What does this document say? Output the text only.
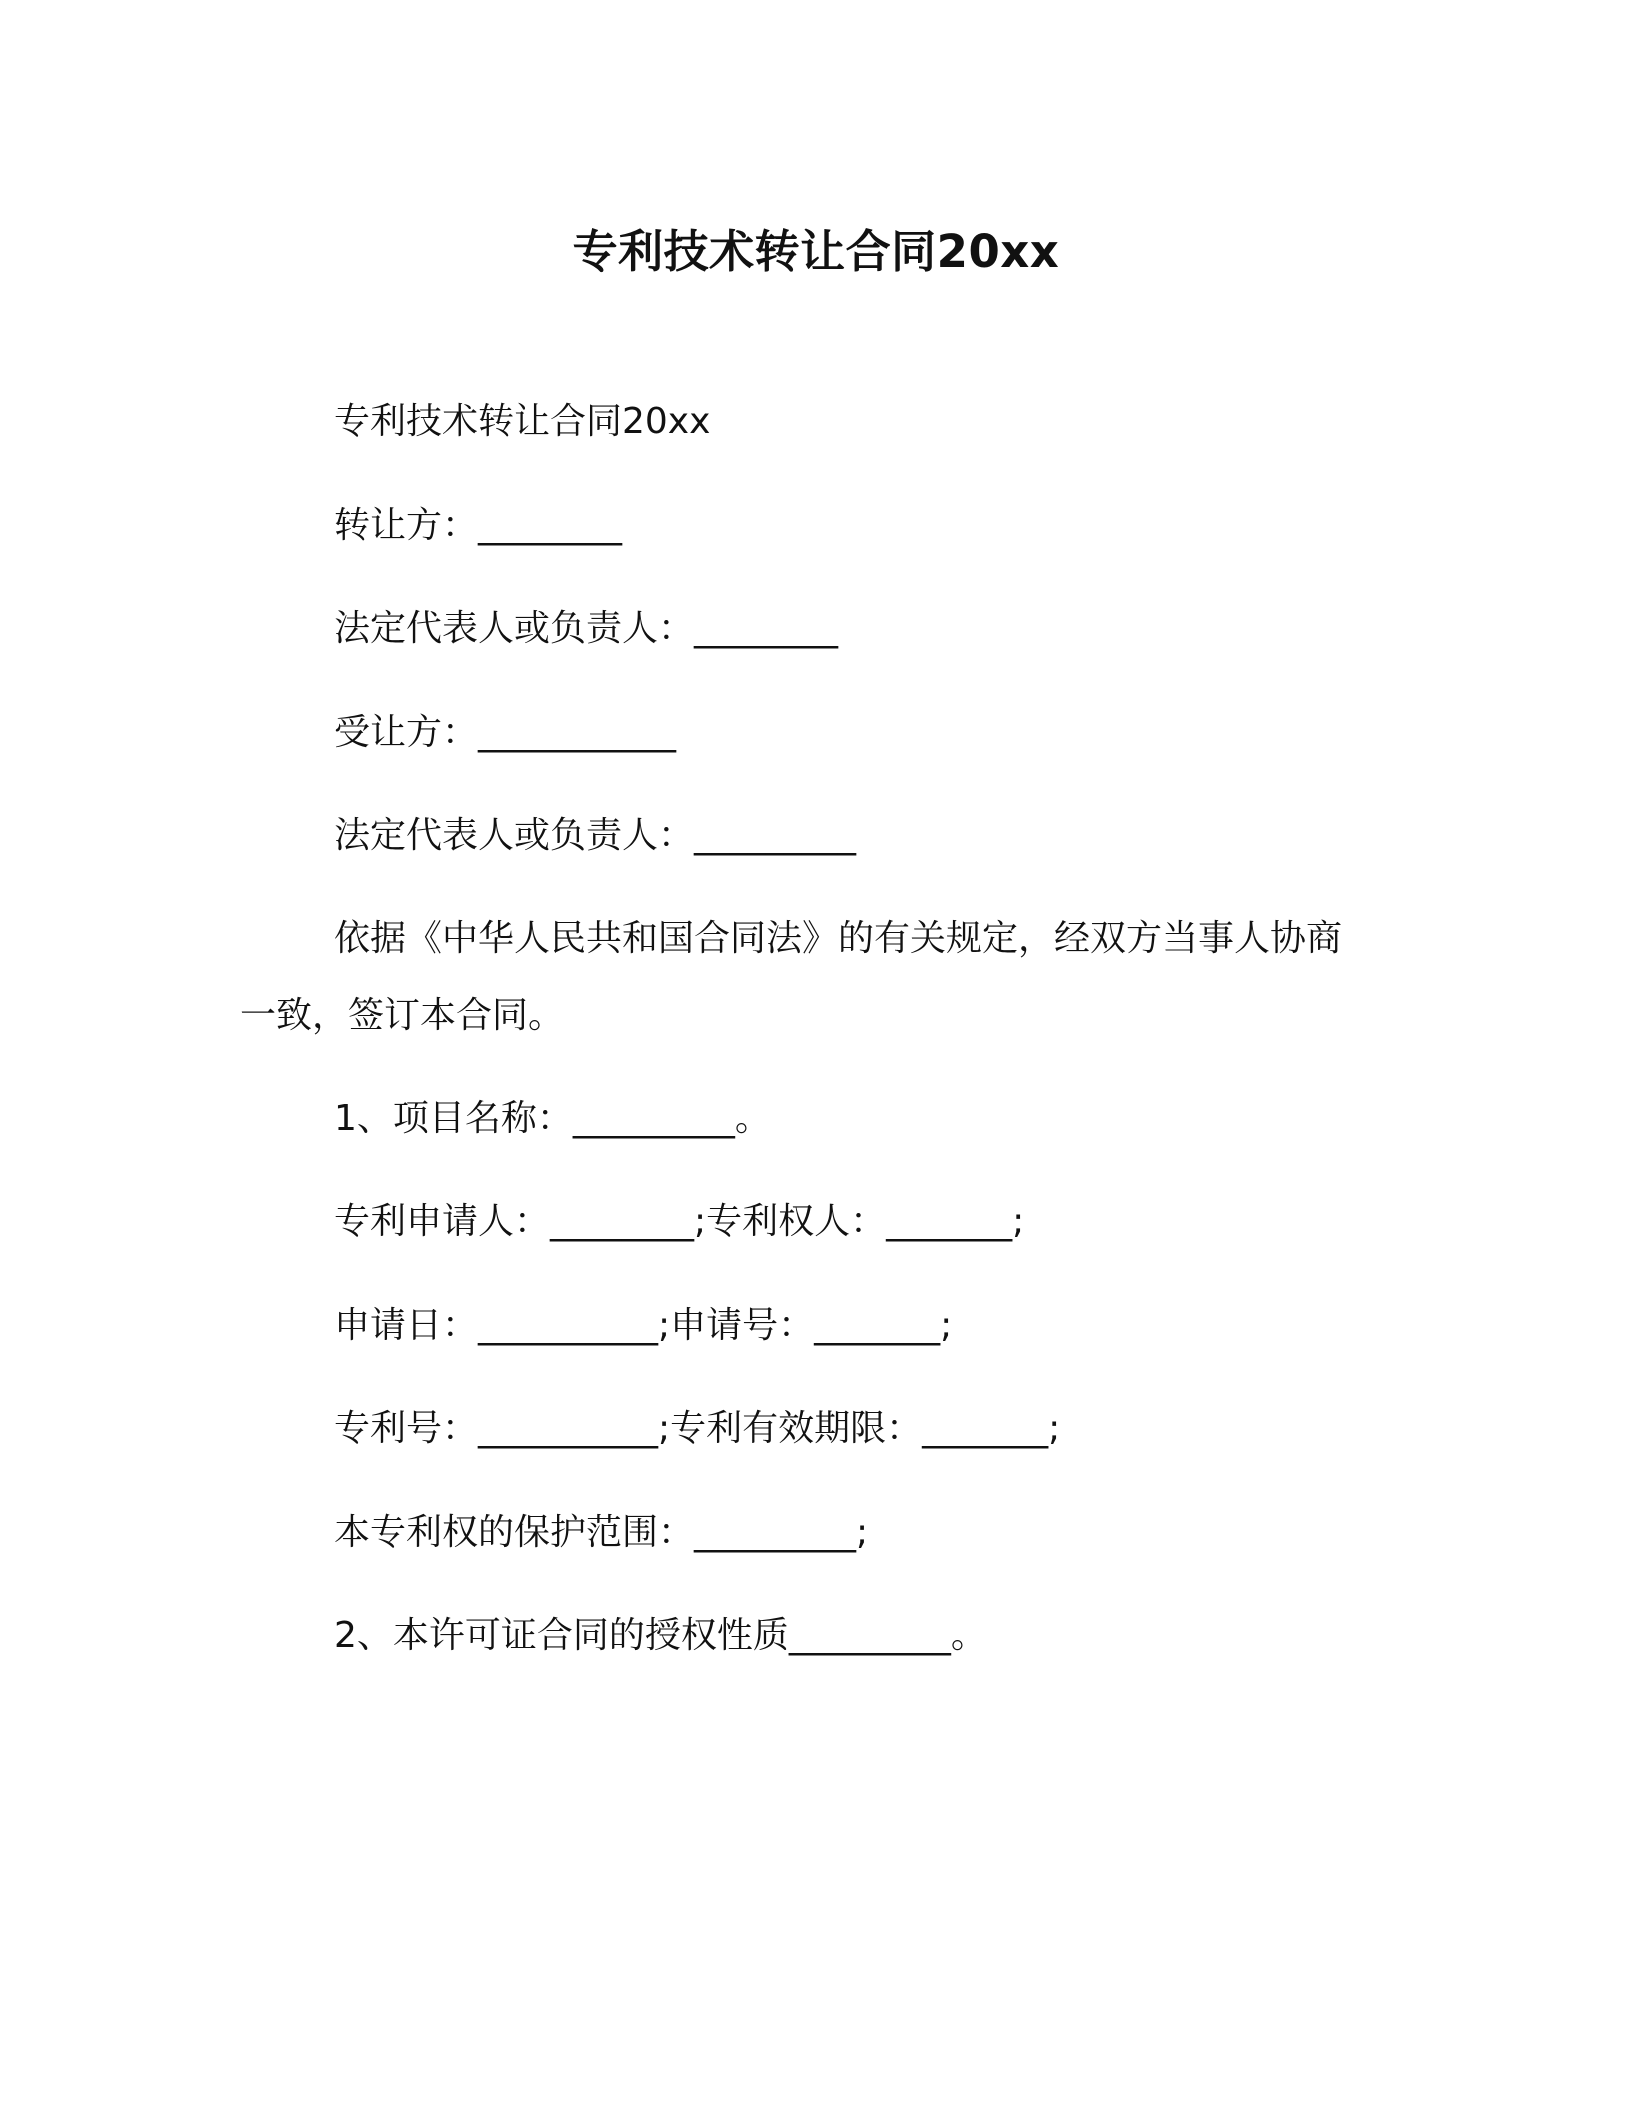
专利技术转让合同20xx
专利技术转让合同20xx
转让方：________
法定代表人或负责人：________
受让方：___________
法定代表人或负责人：_________
依据《中华人民共和国合同法》的有关规定，经双方当事人协商
一致，签订本合同。
1、项目名称：_________。
专利申请人：________;专利权人：_______;
申请日：__________;申请号：_______;
专利号：__________;专利有效期限：_______;
本专利权的保护范围：_________;
2、本许可证合同的授权性质_________。
